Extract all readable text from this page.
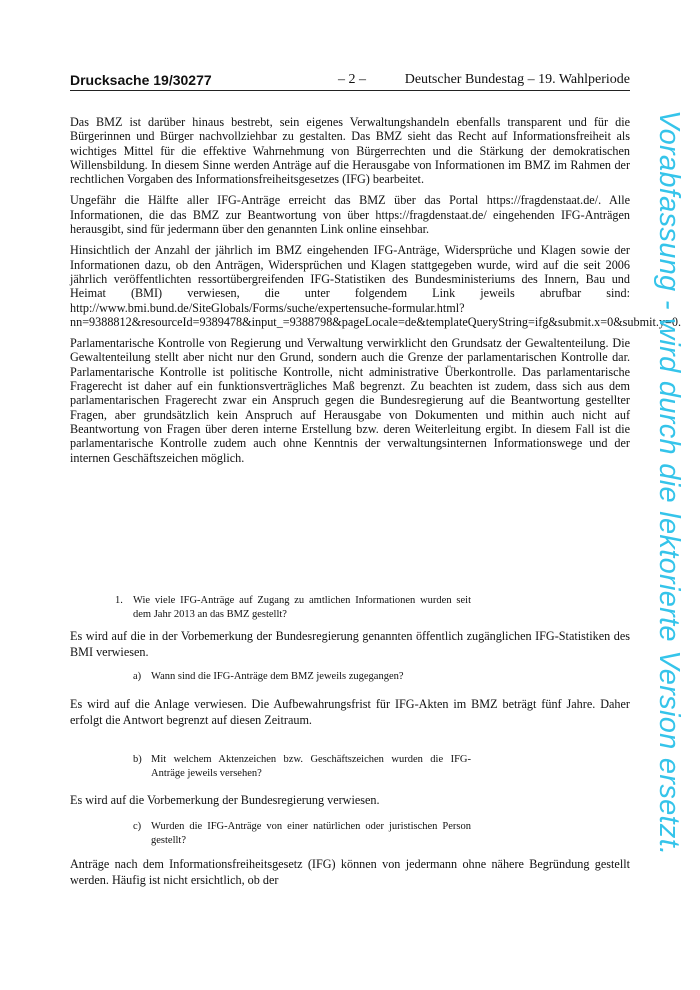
Drucksache 19/30277	– 2 –	Deutscher Bundestag – 19. Wahlperiode

Das BMZ ist darüber hinaus bestrebt, sein eigenes Verwaltungshandeln ebenfalls transparent und für die Bürgerinnen und Bürger nachvollziehbar zu gestalten. Das BMZ sieht das Recht auf Informationsfreiheit als wichtiges Mittel für die effektive Wahrnehmung von Bürgerrechten und die Stärkung der demokratischen Willensbildung. In diesem Sinne werden Anträge auf die Herausgabe von Informationen im BMZ im Rahmen der rechtlichen Vorgaben des Informationsfreiheitsgesetzes (IFG) bearbeitet.

Ungefähr die Hälfte aller IFG-Anträge erreicht das BMZ über das Portal https://fragdenstaat.de/. Alle Informationen, die das BMZ zur Beantwortung von über https://fragdenstaat.de/ eingehenden IFG-Anträgen herausgibt, sind für jedermann über den genannten Link online einsehbar.

Hinsichtlich der Anzahl der jährlich im BMZ eingehenden IFG-Anträge, Widersprüche und Klagen sowie der Informationen dazu, ob den Anträgen, Widersprüchen und Klagen stattgegeben wurde, wird auf die seit 2006 jährlich veröffentlichten ressortübergreifenden IFG-Statistiken des Bundesministeriums des Innern, Bau und Heimat (BMI) verwiesen, die unter folgendem Link jeweils abrufbar sind: http://www.bmi.bund.de/SiteGlobals/Forms/suche/expertensuche-formular.html?nn=9388812&resourceId=9389478&input_=9388798&pageLocale=de&templateQueryString=ifg&submit.x=0&submit.y=0.

Parlamentarische Kontrolle von Regierung und Verwaltung verwirklicht den Grundsatz der Gewaltenteilung. Die Gewaltenteilung stellt aber nicht nur den Grund, sondern auch die Grenze der parlamentarischen Kontrolle dar. Parlamentarische Kontrolle ist politische Kontrolle, nicht administrative Überkontrolle. Das parlamentarische Fragerecht ist daher auf ein funktionsverträgliches Maß begrenzt. Zu beachten ist zudem, dass sich aus dem parlamentarischen Fragerecht zwar ein Anspruch gegen die Bundesregierung auf die Beantwortung gestellter Fragen, aber grundsätzlich kein Anspruch auf Herausgabe von Dokumenten und mithin auch nicht auf Beantwortung von Fragen über deren interne Erstellung bzw. deren Weiterleitung ergibt. In diesem Fall ist die parlamentarische Kontrolle zudem auch ohne Kenntnis der verwaltungsinternen Informationswege und der internen Geschäftszeichen möglich.

1. Wie viele IFG-Anträge auf Zugang zu amtlichen Informationen wurden seit dem Jahr 2013 an das BMZ gestellt?

Es wird auf die in der Vorbemerkung der Bundesregierung genannten öffentlich zugänglichen IFG-Statistiken des BMI verwiesen.

a) Wann sind die IFG-Anträge dem BMZ jeweils zugegangen?

Es wird auf die Anlage verwiesen. Die Aufbewahrungsfrist für IFG-Akten im BMZ beträgt fünf Jahre. Daher erfolgt die Antwort begrenzt auf diesen Zeitraum.

b) Mit welchem Aktenzeichen bzw. Geschäftszeichen wurden die IFG-Anträge jeweils versehen?

Es wird auf die Vorbemerkung der Bundesregierung verwiesen.

c) Wurden die IFG-Anträge von einer natürlichen oder juristischen Person gestellt?

Anträge nach dem Informationsfreiheitsgesetz (IFG) können von jedermann ohne nähere Begründung gestellt werden. Häufig ist nicht ersichtlich, ob der

Vorabfassung - wird durch die lektorierte Version ersetzt.
